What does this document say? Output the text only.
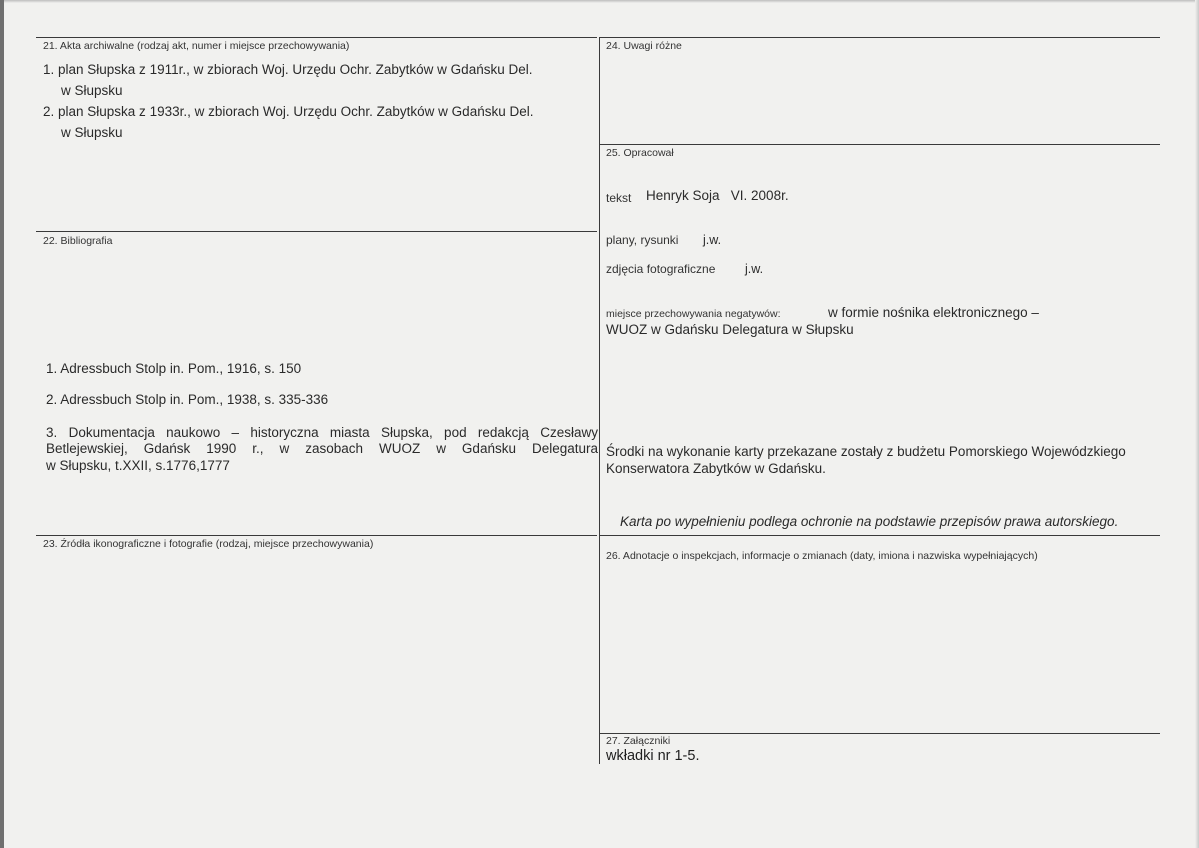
21. Akta archiwalne (rodzaj akt, numer i miejsce przechowywania)
1. plan Słupska z 1911r., w zbiorach Woj. Urzędu Ochr. Zabytków w Gdańsku Del.
w Słupsku
2. plan Słupska z 1933r., w zbiorach Woj. Urzędu Ochr. Zabytków w Gdańsku Del.
w Słupsku
22. Bibliografia
1. Adressbuch Stolp in. Pom., 1916, s. 150
2. Adressbuch Stolp in. Pom., 1938, s. 335-336
3. Dokumentacja naukowo – historyczna miasta Słupska, pod redakcją Czesławy
Betlejewskiej, Gdańsk 1990 r., w zasobach WUOZ w Gdańsku Delegatura
w Słupsku, t.XXII, s.1776,1777
23. Źródła ikonograficzne i fotografie (rodzaj, miejsce przechowywania)
24. Uwagi różne
25. Opracował
tekst Henryk Soja   VI. 2008r.
plany, rysunki j.w.
zdjęcia fotograficzne j.w.
miejsce przechowywania negatywów:	w formie nośnika elektronicznego –
WUOZ w Gdańsku Delegatura w Słupsku
Środki na wykonanie karty przekazane zostały z budżetu Pomorskiego Wojewódzkiego
Konserwatora Zabytków w Gdańsku.
Karta po wypełnieniu podlega ochronie na podstawie przepisów prawa autorskiego.
26. Adnotacje o inspekcjach, informacje o zmianach (daty, imiona i nazwiska wypełniających)
27. Załączniki
wkładki nr 1-5.
